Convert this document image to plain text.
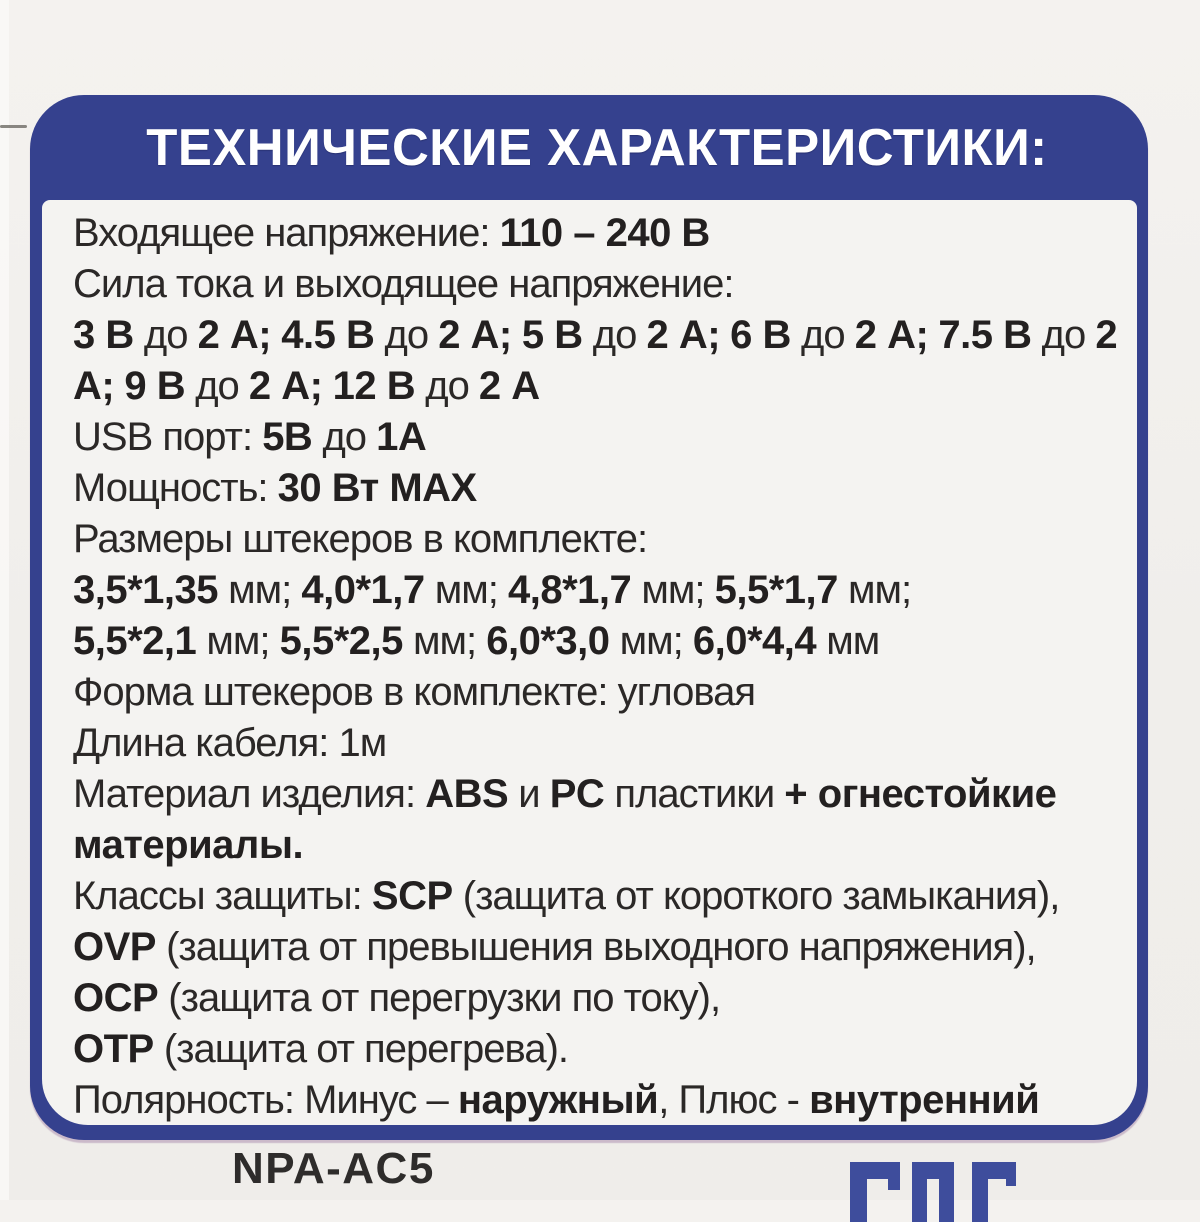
ТЕХНИЧЕСКИЕ ХАРАКТЕРИСТИКИ:
Входящее напряжение: 110 – 240 В
Сила тока и выходящее напряжение:
3 В до 2 А; 4.5 В до 2 А; 5 В до 2 А; 6 В до 2 А; 7.5 В до 2
А; 9 В до 2 А; 12 В до 2 А
USB порт: 5В до 1А
Мощность: 30 Вт MAX
Размеры штекеров в комплекте:
3,5*1,35 мм; 4,0*1,7 мм; 4,8*1,7 мм; 5,5*1,7 мм;
5,5*2,1 мм; 5,5*2,5 мм; 6,0*3,0 мм; 6,0*4,4 мм
Форма штекеров в комплекте: угловая
Длина кабеля: 1м
Материал изделия: ABS и PC пластики + огнестойкие
материалы.
Классы защиты: SCP (защита от короткого замыкания),
OVP (защита от превышения выходного напряжения),
OCP (защита от перегрузки по току),
OTP (защита от перегрева).
Полярность: Минус – наружный, Плюс - внутренний
NPA-AC5
